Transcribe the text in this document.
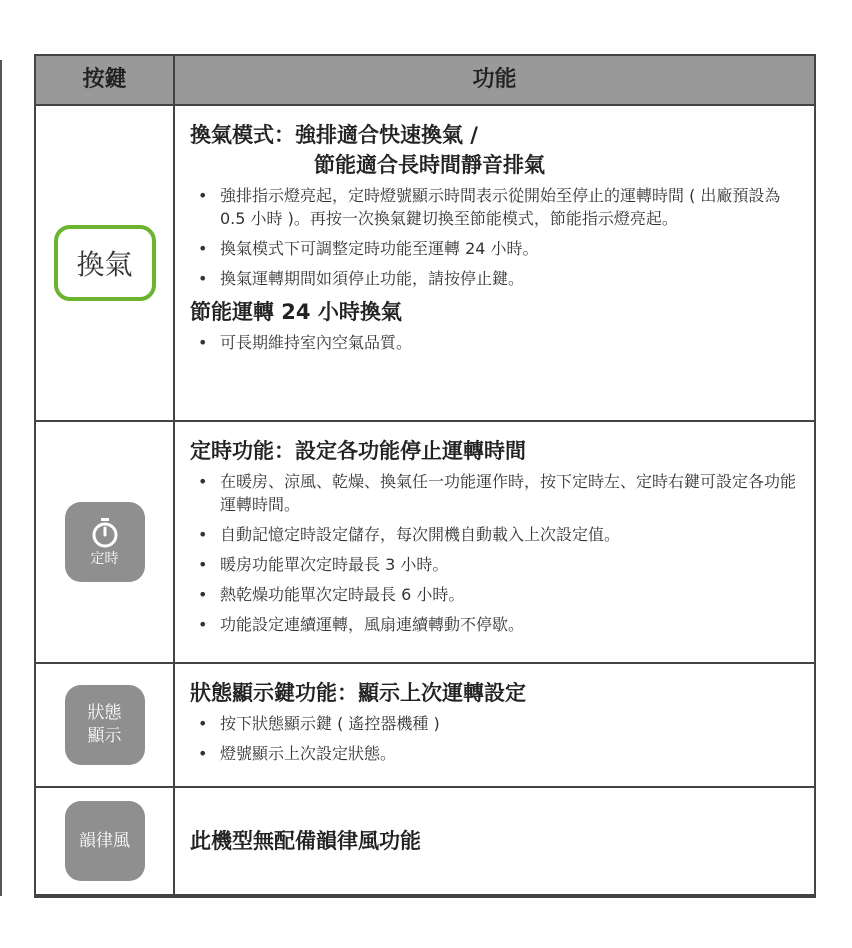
按鍵	功能
換氣
換氣模式：強排適合快速換氣 /
節能適合長時間靜音排氣
• 強排指示燈亮起，定時燈號顯示時間表示從開始至停止的運轉時間 ( 出廠預設為 0.5 小時 )。再按一次換氣鍵切換至節能模式，節能指示燈亮起。
• 換氣模式下可調整定時功能至運轉 24 小時。
• 換氣運轉期間如須停止功能，請按停止鍵。
節能運轉 24 小時換氣
• 可長期維持室內空氣品質。
定時
定時功能：設定各功能停止運轉時間
• 在暖房、涼風、乾燥、換氣任一功能運作時，按下定時左、定時右鍵可設定各功能運轉時間。
• 自動記憶定時設定儲存，每次開機自動載入上次設定值。
• 暖房功能單次定時最長 3 小時。
• 熱乾燥功能單次定時最長 6 小時。
• 功能設定連續運轉，風扇連續轉動不停歇。
狀態
顯示
狀態顯示鍵功能：顯示上次運轉設定
• 按下狀態顯示鍵 ( 遙控器機種 )
• 燈號顯示上次設定狀態。
韻律風	此機型無配備韻律風功能
